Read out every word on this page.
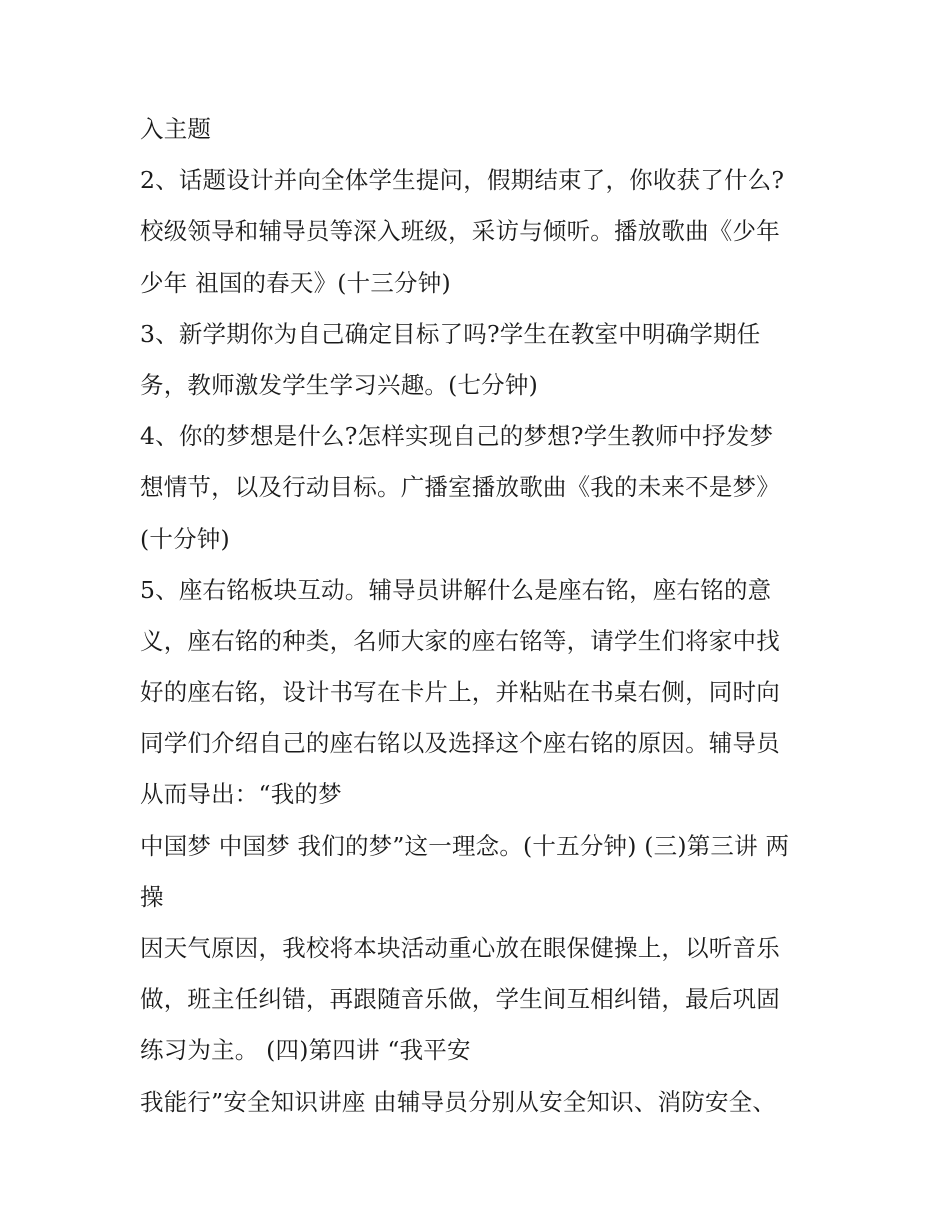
入主题
2、话题设计并向全体学生提问，假期结束了，你收获了什么?
校级领导和辅导员等深入班级，采访与倾听。播放歌曲《少年
少年 祖国的春天》(十三分钟)
3、新学期你为自己确定目标了吗?学生在教室中明确学期任
务，教师激发学生学习兴趣。(七分钟)
4、你的梦想是什么?怎样实现自己的梦想?学生教师中抒发梦
想情节，以及行动目标。广播室播放歌曲《我的未来不是梦》
(十分钟)
5、座右铭板块互动。辅导员讲解什么是座右铭，座右铭的意
义，座右铭的种类，名师大家的座右铭等，请学生们将家中找
好的座右铭，设计书写在卡片上，并粘贴在书桌右侧，同时向
同学们介绍自己的座右铭以及选择这个座右铭的原因。辅导员
从而导出：“我的梦
中国梦 中国梦 我们的梦”这一理念。(十五分钟) (三)第三讲 两
操
因天气原因，我校将本块活动重心放在眼保健操上，以听音乐
做，班主任纠错，再跟随音乐做，学生间互相纠错，最后巩固
练习为主。 (四)第四讲 “我平安
我能行”安全知识讲座 由辅导员分别从安全知识、消防安全、
